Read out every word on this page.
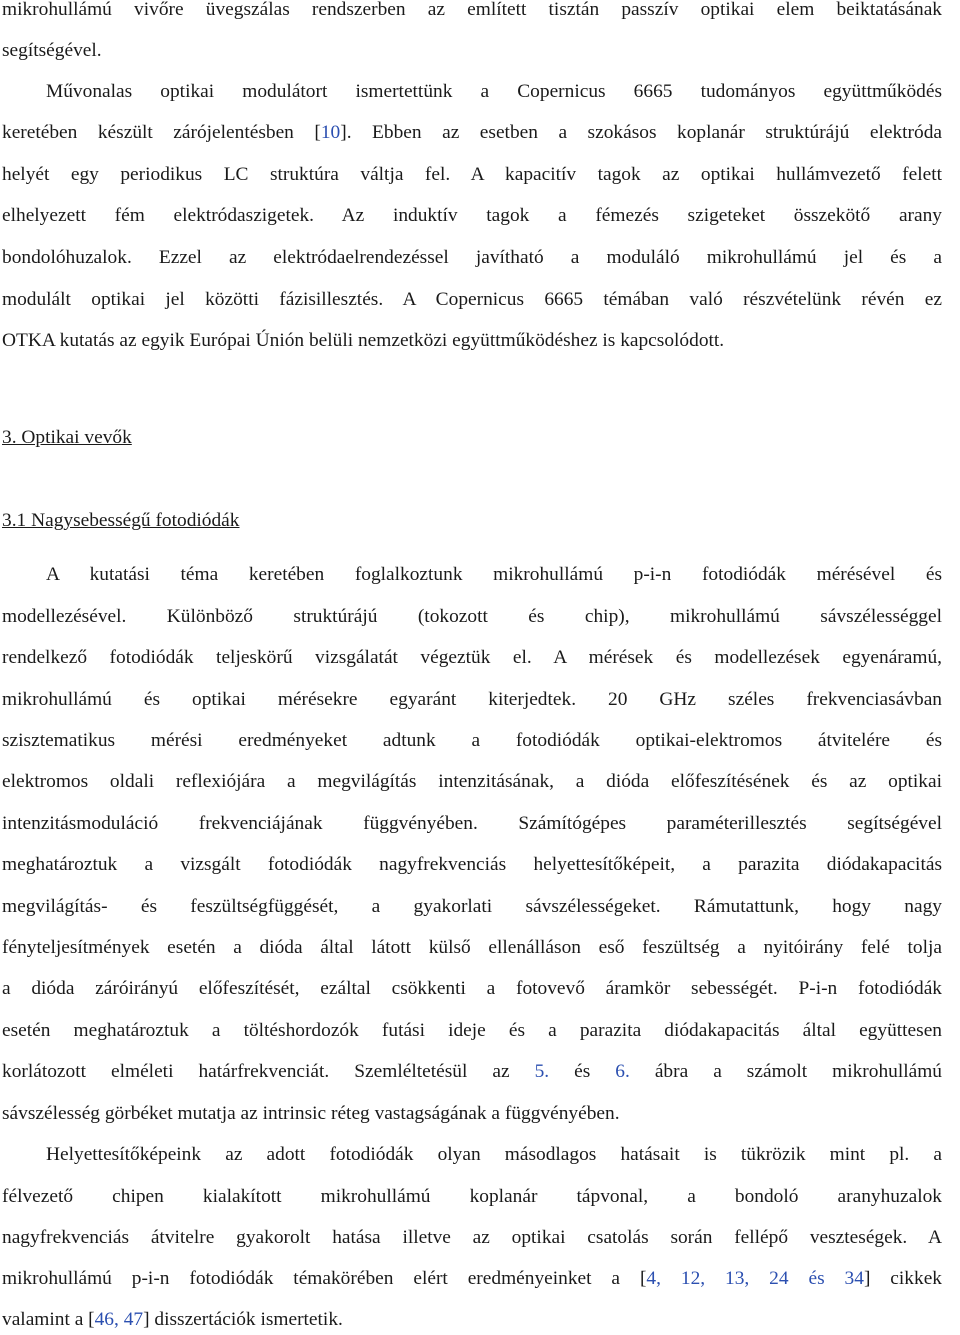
mikrohullámú vivőre üvegszálas rendszerben az említett tisztán passzív optikai elem beiktatásának
segítségével.
Művonalas optikai modulátort ismertettünk a Copernicus 6665 tudományos együttműködés
keretében készült zárójelentésben [10]. Ebben az esetben a szokásos koplanár struktúrájú elektróda
helyét egy periodikus LC struktúra váltja fel. A kapacitív tagok az optikai hullámvezető felett
elhelyezett fém elektródaszigetek. Az induktív tagok a fémezés szigeteket összekötő arany
bondolóhuzalok. Ezzel az elektródaelrendezéssel javítható a moduláló mikrohullámú jel és a
modulált optikai jel közötti fázisillesztés. A Copernicus 6665 témában való részvételünk révén ez
OTKA kutatás az egyik Európai Únión belüli nemzetközi együttműködéshez is kapcsolódott.
3. Optikai vevők
3.1 Nagysebességű fotodiódák
A kutatási téma keretében foglalkoztunk mikrohullámú p-i-n fotodiódák mérésével és
modellezésével. Különböző struktúrájú (tokozott és chip), mikrohullámú sávszélességgel
rendelkező fotodiódák teljeskörű vizsgálatát végeztük el. A mérések és modellezések egyenáramú,
mikrohullámú és optikai mérésekre egyaránt kiterjedtek. 20 GHz széles frekvenciasávban
szisztematikus mérési eredményeket adtunk a fotodiódák optikai-elektromos átvitelére és
elektromos oldali reflexiójára a megvilágítás intenzitásának, a dióda előfeszítésének és az optikai
intenzitásmoduláció frekvenciájának függvényében. Számítógépes paraméterillesztés segítségével
meghatároztuk a vizsgált fotodiódák nagyfrekvenciás helyettesítőképeit, a parazita diódakapacitás
megvilágítás- és feszültségfüggését, a gyakorlati sávszélességeket. Rámutattunk, hogy nagy
fényteljesítmények esetén a dióda által látott külső ellenálláson eső feszültség a nyitóirány felé tolja
a dióda záróirányú előfeszítését, ezáltal csökkenti a fotovevő áramkör sebességét. P-i-n fotodiódák
esetén meghatároztuk a töltéshordozók futási ideje és a parazita diódakapacitás által együttesen
korlátozott elméleti határfrekvenciát. Szemléltetésül az 5. és 6. ábra a számolt mikrohullámú
sávszélesség görbéket mutatja az intrinsic réteg vastagságának a függvényében.
Helyettesítőképeink az adott fotodiódák olyan másodlagos hatásait is tükrözik mint pl. a
félvezető chipen kialakított mikrohullámú koplanár tápvonal, a bondoló aranyhuzalok
nagyfrekvenciás átvitelre gyakorolt hatása illetve az optikai csatolás során fellépő veszteségek. A
mikrohullámú p-i-n fotodiódák témakörében elért eredményeinket a [4, 12, 13, 24 és 34] cikkek
valamint a [46, 47] disszertációk ismertetik.
